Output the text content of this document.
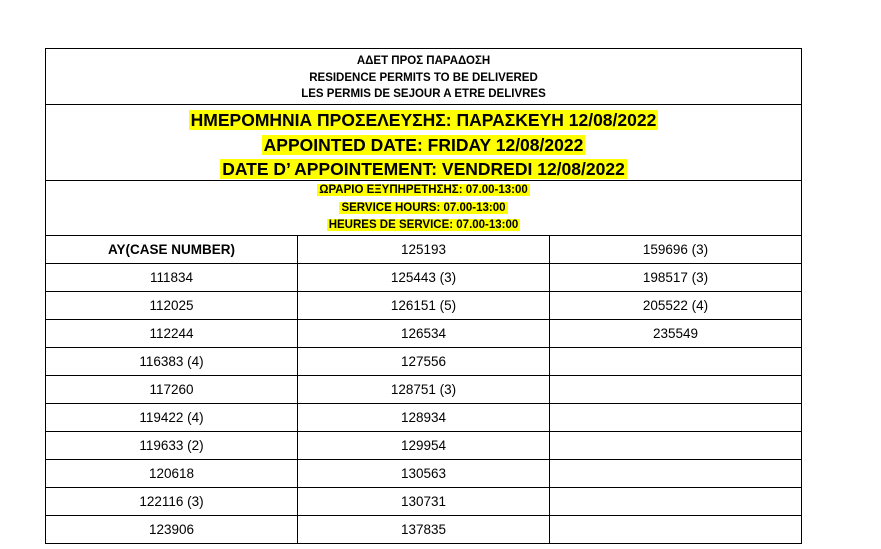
ΑΔΕΤ ΠΡΟΣ ΠΑΡΑΔΟΣΗ
RESIDENCE PERMITS TO BE DELIVERED
LES PERMIS DE SEJOUR A ETRE DELIVRES
ΗΜΕΡΟΜΗΝΙΑ ΠΡΟΣΕΛΕΥΣΗΣ: ΠΑΡΑΣΚΕΥΗ 12/08/2022
APPOINTED DATE: FRIDAY 12/08/2022
DATE D’ APPOINTEMENT: VENDREDI 12/08/2022
ΩΡΑΡΙΟ ΕΞΥΠΗΡΕΤΗΣΗΣ: 07.00-13:00
SERVICE HOURS: 07.00-13:00
HEURES DE SERVICE: 07.00-13:00
AY(CASE NUMBER)	125193	159696 (3)
111834	125443 (3)	198517 (3)
112025	126151 (5)	205522 (4)
112244	126534	235549
116383 (4)	127556	
117260	128751 (3)	
119422 (4)	128934	
119633 (2)	129954	
120618	130563	
122116 (3)	130731	
123906	137835	
